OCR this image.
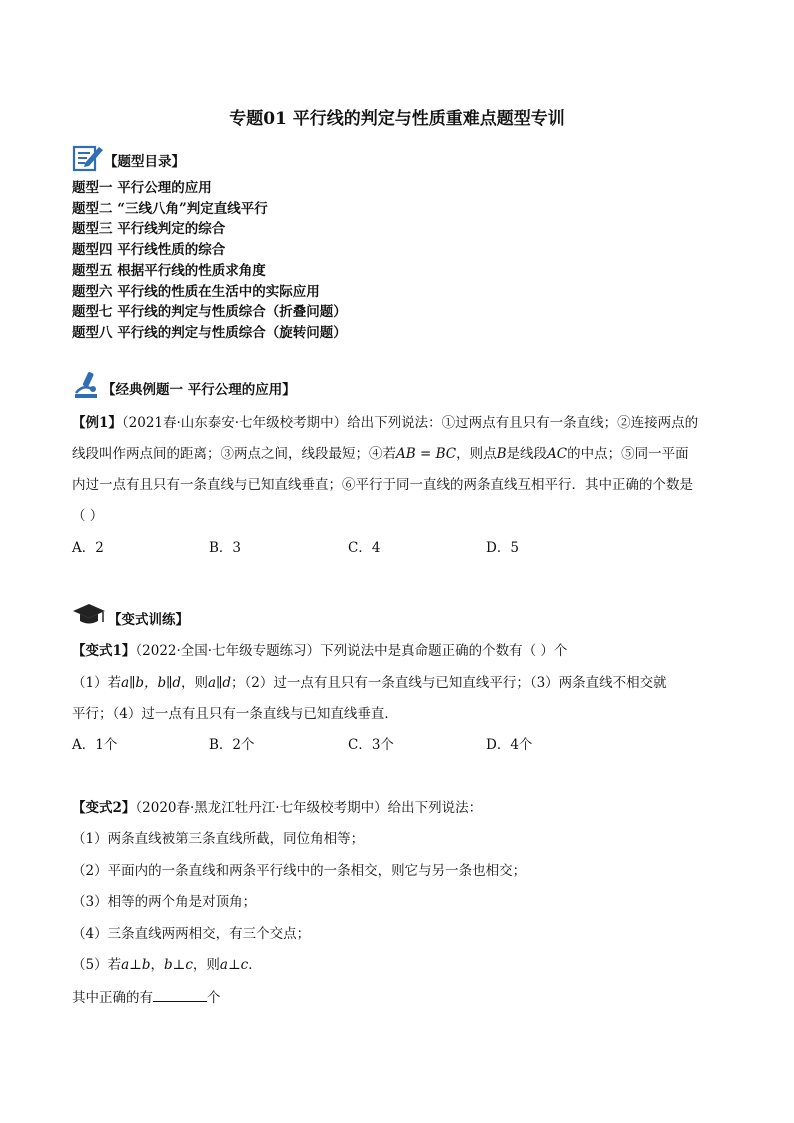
专题01 平行线的判定与性质重难点题型专训
【题型目录】
题型一 平行公理的应用
题型二 “三线八角”判定直线平行
题型三 平行线判定的综合
题型四 平行线性质的综合
题型五 根据平行线的性质求角度
题型六 平行线的性质在生活中的实际应用
题型七 平行线的判定与性质综合（折叠问题）
题型八 平行线的判定与性质综合（旋转问题）
【经典例题一 平行公理的应用】
【例1】（2021春·山东泰安·七年级校考期中）给出下列说法：①过两点有且只有一条直线；②连接两点的
线段叫作两点间的距离；③两点之间，线段最短；④若AB = BC，则点B是线段AC的中点；⑤同一平面
内过一点有且只有一条直线与已知直线垂直；⑥平行于同一直线的两条直线互相平行．其中正确的个数是
（ ）
A．2	B．3	C．4	D．5
【变式训练】
【变式1】（2022·全国·七年级专题练习）下列说法中是真命题正确的个数有（ ）个
（1）若a∥b，b∥d，则a∥d；（2）过一点有且只有一条直线与已知直线平行；（3）两条直线不相交就
平行；（4）过一点有且只有一条直线与已知直线垂直．
A．1个	B．2个	C．3个	D．4个
【变式2】（2020春·黑龙江牡丹江·七年级校考期中）给出下列说法：
（1）两条直线被第三条直线所截，同位角相等；
（2）平面内的一条直线和两条平行线中的一条相交，则它与另一条也相交；
（3）相等的两个角是对顶角；
（4）三条直线两两相交，有三个交点；
（5）若a⊥b，b⊥c，则a⊥c．
其中正确的有	个
